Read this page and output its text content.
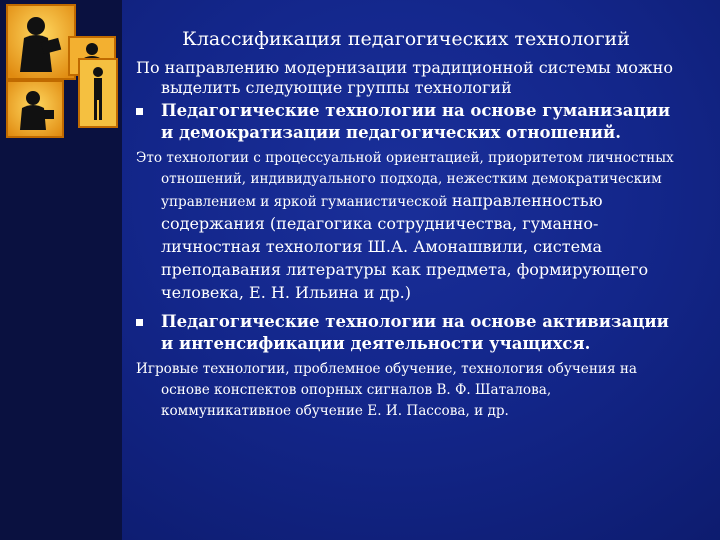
Классификация педагогических технологий

По направлению модернизации традиционной системы можно выделить следующие группы технологий

Педагогические технологии на основе гуманизации и демократизации педагогических отношений.

Это технологии с процессуальной ориентацией, приоритетом личностных отношений, индивидуального подхода, нежестким демократическим управлением и яркой гуманистической направленностью содержания (педагогика сотрудничества, гуманно-личностная технология Ш.А. Амонашвили, система преподавания литературы как предмета, формирующего человека, Е. Н. Ильина и др.)

Педагогические технологии на основе активизации и интенсификации деятельности учащихся.

Игровые технологии, проблемное обучение, технология обучения на основе конспектов опорных сигналов В. Ф. Шаталова, коммуникативное обучение Е. И. Пассова, и др.
